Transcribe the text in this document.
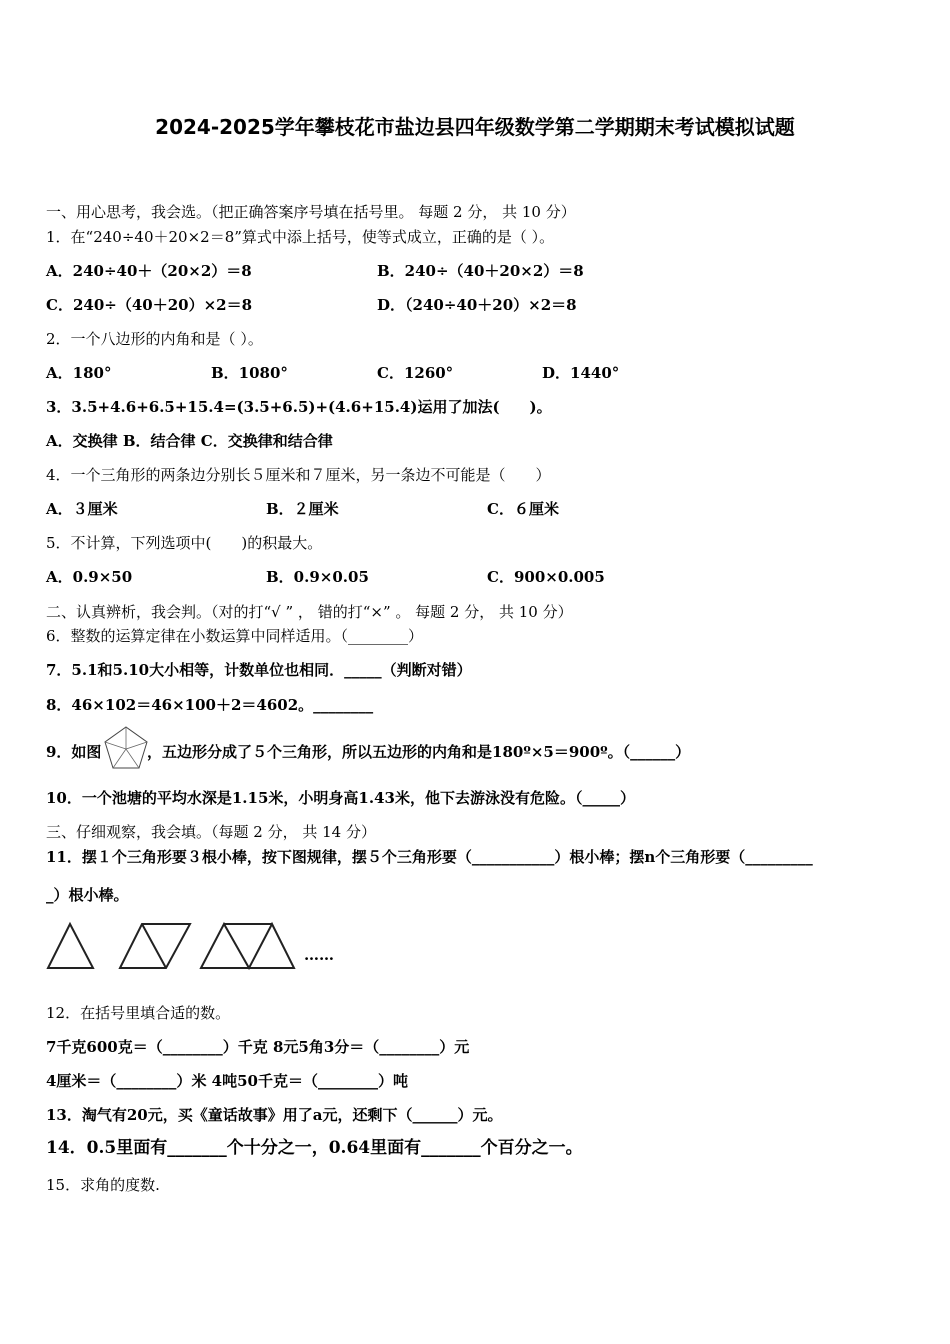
2024-2025学年攀枝花市盐边县四年级数学第二学期期末考试模拟试题
一、用心思考，我会选。（把正确答案序号填在括号里。 每题 2 分， 共 10 分）
1．在“240÷40＋20×2＝8”算式中添上括号，使等式成立，正确的是（ ）。
A．240÷40＋（20×2）＝8	B．240÷（40＋20×2）＝8
C．240÷（40＋20）×2＝8	D．（240÷40＋20）×2＝8
2．一个八边形的内角和是（ ）。
A．180°	B．1080°	C．1260°	D．1440°
3．3.5+4.6+6.5+15.4=(3.5+6.5)+(4.6+15.4)运用了加法(　　)。
A．交换律 B．结合律 C．交换律和结合律
4．一个三角形的两条边分别长５厘米和７厘米，另一条边不可能是（　　）
A．３厘米	B．２厘米	C．６厘米
5．不计算，下列选项中(　　)的积最大。
A．0.9×50	B．0.9×0.05	C．900×0.005
二、认真辨析，我会判。（对的打“√ ” ， 错的打“×” 。 每题 2 分， 共 10 分）
6．整数的运算定律在小数运算中同样适用。（________）
7．5.1和5.10大小相等，计数单位也相同．_____（判断对错）
8．46×102＝46×100＋2＝4602。________
9．如图	，五边形分成了５个三角形，所以五边形的内角和是180º×5＝900º。（______）
10．一个池塘的平均水深是1.15米，小明身高1.43米，他下去游泳没有危险。（_____）
三、仔细观察，我会填。（每题 2 分， 共 14 分）
11．摆１个三角形要３根小棒，按下图规律，摆５个三角形要（___________）根小棒；摆n个三角形要（_________
_）根小棒。
……
12．在括号里填合适的数。
7千克600克＝（________）千克 8元5角3分＝（________）元
4厘米＝（________）米 4吨50千克＝（________）吨
13．淘气有20元，买《童话故事》用了a元，还剩下（______）元。
14．0.5里面有_______个十分之一，0.64里面有_______个百分之一。
15．求角的度数.
